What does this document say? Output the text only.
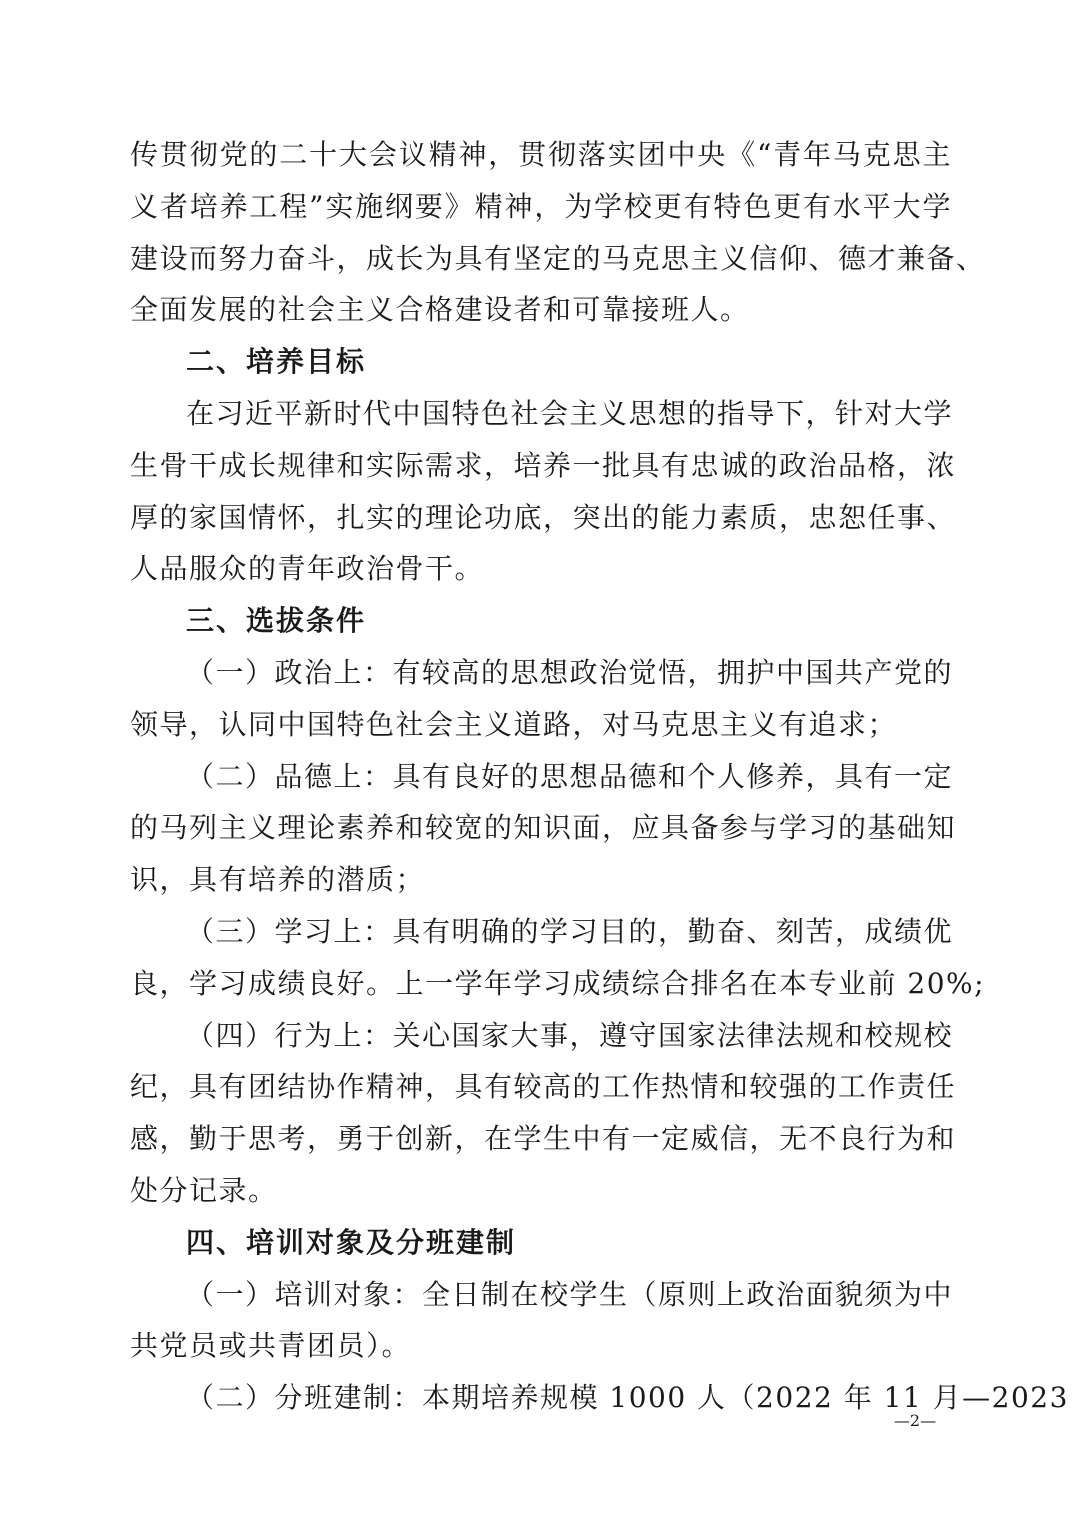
传贯彻党的二十大会议精神，贯彻落实团中央《“青年马克思主
义者培养工程”实施纲要》精神，为学校更有特色更有水平大学
建设而努力奋斗，成长为具有坚定的马克思主义信仰、德才兼备、
全面发展的社会主义合格建设者和可靠接班人。
二、培养目标
在习近平新时代中国特色社会主义思想的指导下，针对大学
生骨干成长规律和实际需求，培养一批具有忠诚的政治品格，浓
厚的家国情怀，扎实的理论功底，突出的能力素质，忠恕任事、
人品服众的青年政治骨干。
三、选拔条件
（一）政治上：有较高的思想政治觉悟，拥护中国共产党的
领导，认同中国特色社会主义道路，对马克思主义有追求；
（二）品德上：具有良好的思想品德和个人修养，具有一定
的马列主义理论素养和较宽的知识面，应具备参与学习的基础知
识，具有培养的潜质；
（三）学习上：具有明确的学习目的，勤奋、刻苦，成绩优
良，学习成绩良好。上一学年学习成绩综合排名在本专业前 20%;
（四）行为上：关心国家大事，遵守国家法律法规和校规校
纪，具有团结协作精神，具有较高的工作热情和较强的工作责任
感，勤于思考，勇于创新，在学生中有一定威信，无不良行为和
处分记录。
四、培训对象及分班建制
（一）培训对象：全日制在校学生（原则上政治面貌须为中
共党员或共青团员）。
（二）分班建制：本期培养规模 1000 人（2022 年 11 月—2023
—2—
